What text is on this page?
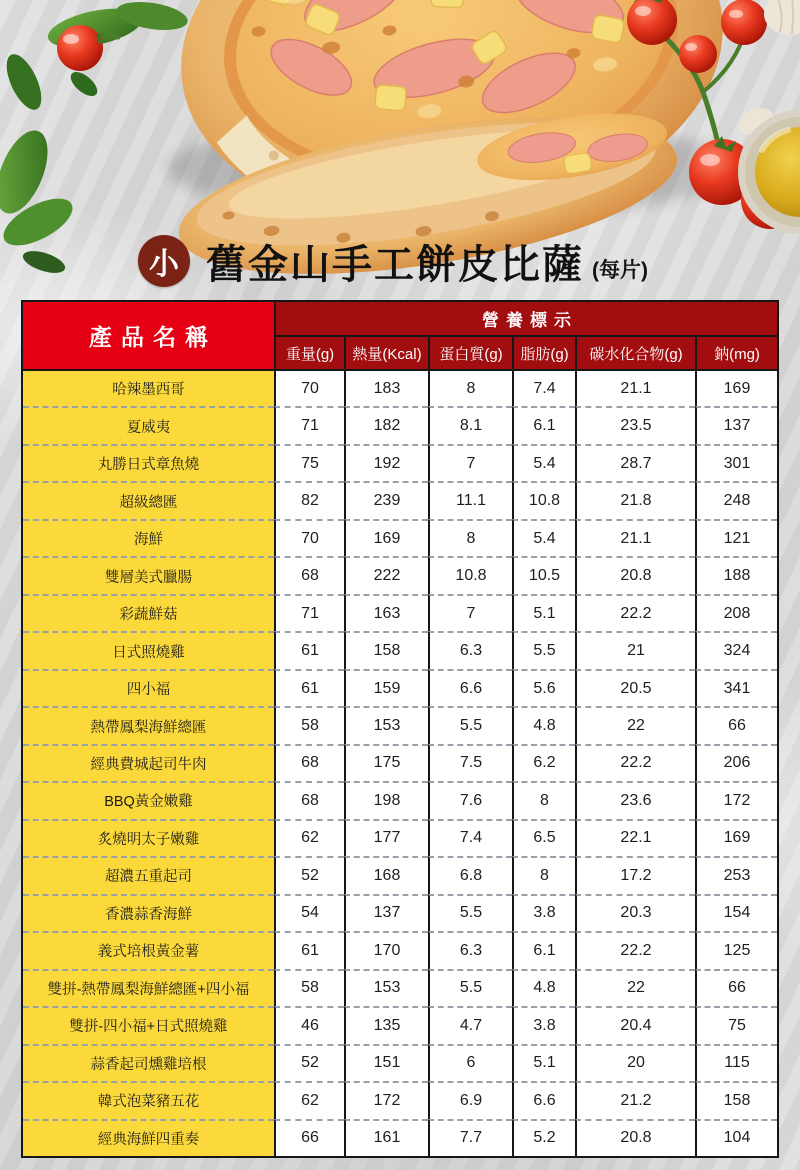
小 舊金山手工餅皮比薩 (每片)
產品名稱
營養標示
重量(g)	熱量(Kcal)	蛋白質(g)	脂肪(g)	碳水化合物(g)	鈉(mg)
哈辣墨西哥	70	183	8	7.4	21.1	169
夏威夷	71	182	8.1	6.1	23.5	137
丸勝日式章魚燒	75	192	7	5.4	28.7	301
超級總匯	82	239	11.1	10.8	21.8	248
海鮮	70	169	8	5.4	21.1	121
雙層美式臘腸	68	222	10.8	10.5	20.8	188
彩蔬鮮菇	71	163	7	5.1	22.2	208
日式照燒雞	61	158	6.3	5.5	21	324
四小福	61	159	6.6	5.6	20.5	341
熱帶鳳梨海鮮總匯	58	153	5.5	4.8	22	66
經典費城起司牛肉	68	175	7.5	6.2	22.2	206
BBQ黃金嫩雞	68	198	7.6	8	23.6	172
炙燒明太子嫩雞	62	177	7.4	6.5	22.1	169
超濃五重起司	52	168	6.8	8	17.2	253
香濃蒜香海鮮	54	137	5.5	3.8	20.3	154
義式培根黃金薯	61	170	6.3	6.1	22.2	125
雙拼-熱帶鳳梨海鮮總匯+四小福	58	153	5.5	4.8	22	66
雙拼-四小福+日式照燒雞	46	135	4.7	3.8	20.4	75
蒜香起司燻雞培根	52	151	6	5.1	20	115
韓式泡菜豬五花	62	172	6.9	6.6	21.2	158
經典海鮮四重奏	66	161	7.7	5.2	20.8	104
